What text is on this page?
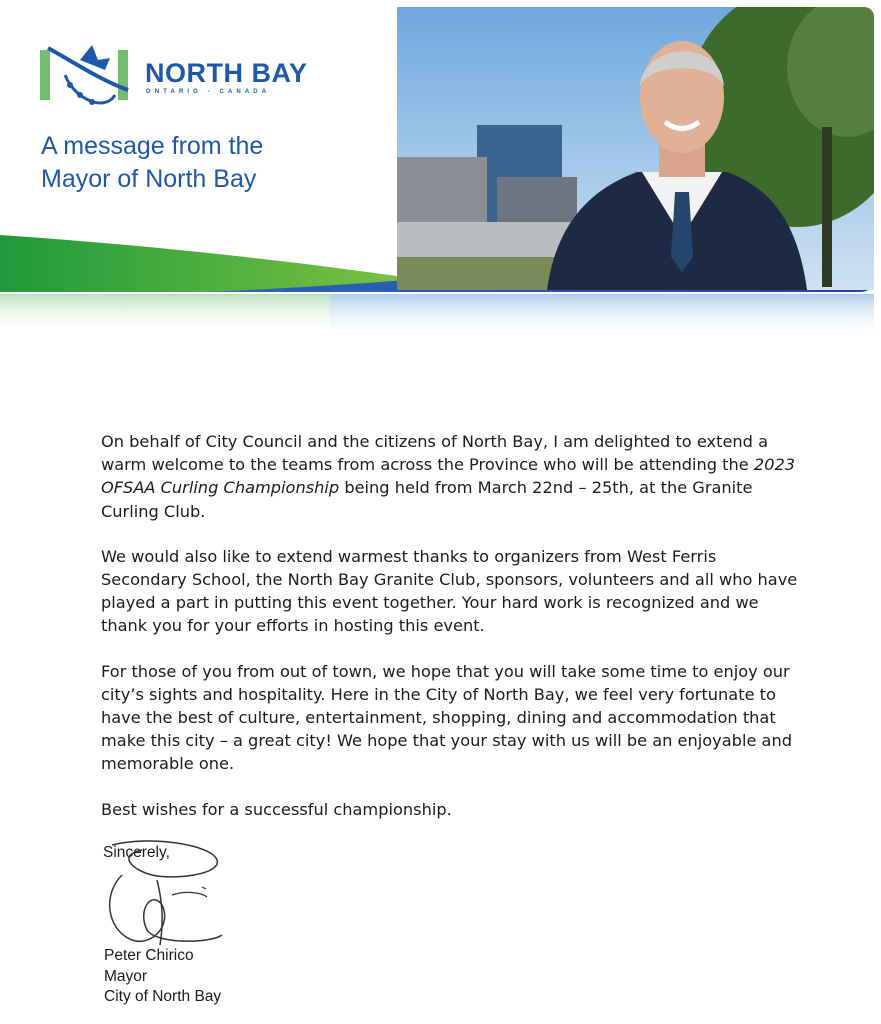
NORTH BAY
ONTARIO - CANADA
A message from the
Mayor of North Bay

On behalf of City Council and the citizens of North Bay, I am delighted to extend a warm welcome to the teams from across the Province who will be attending the 2023 OFSAA Curling Championship being held from March 22nd – 25th, at the Granite Curling Club.

We would also like to extend warmest thanks to organizers from West Ferris Secondary School, the North Bay Granite Club, sponsors, volunteers and all who have played a part in putting this event together. Your hard work is recognized and we thank you for your efforts in hosting this event.

For those of you from out of town, we hope that you will take some time to enjoy our city’s sights and hospitality. Here in the City of North Bay, we feel very fortunate to have the best of culture, entertainment, shopping, dining and accommodation that make this city – a great city! We hope that your stay with us will be an enjoyable and memorable one.

Best wishes for a successful championship.

Sincerely,
Peter Chirico
Mayor
City of North Bay
